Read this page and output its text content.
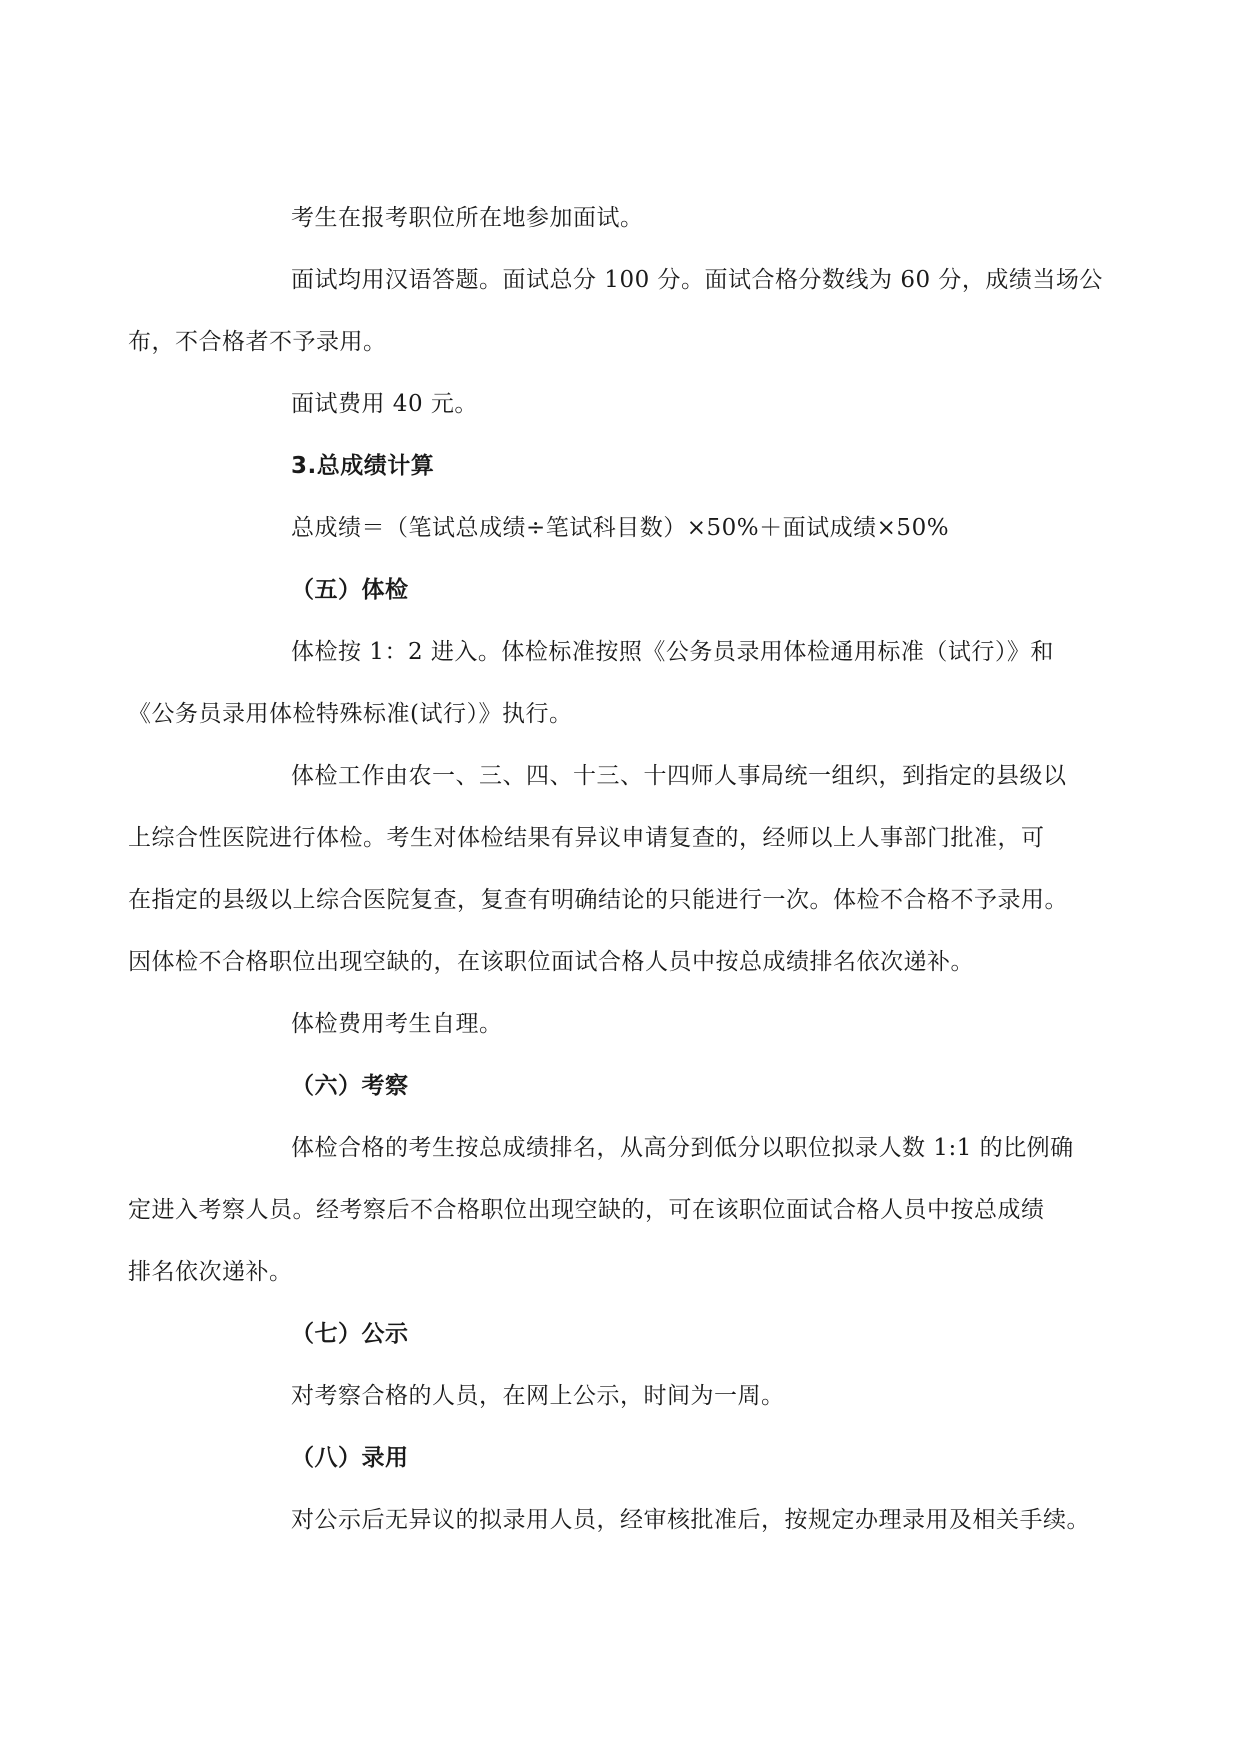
考生在报考职位所在地参加面试。
面试均用汉语答题。面试总分 100 分。面试合格分数线为 60 分，成绩当场公
布，不合格者不予录用。
面试费用 40 元。
3.总成绩计算
总成绩＝（笔试总成绩÷笔试科目数）×50%＋面试成绩×50%
（五）体检
体检按 1：2 进入。体检标准按照《公务员录用体检通用标准（试行）》和
《公务员录用体检特殊标准(试行）》执行。
体检工作由农一、三、四、十三、十四师人事局统一组织，到指定的县级以
上综合性医院进行体检。考生对体检结果有异议申请复查的，经师以上人事部门批准，可
在指定的县级以上综合医院复查，复查有明确结论的只能进行一次。体检不合格不予录用。
因体检不合格职位出现空缺的，在该职位面试合格人员中按总成绩排名依次递补。
体检费用考生自理。
（六）考察
体检合格的考生按总成绩排名，从高分到低分以职位拟录人数 1:1 的比例确
定进入考察人员。经考察后不合格职位出现空缺的，可在该职位面试合格人员中按总成绩
排名依次递补。
（七）公示
对考察合格的人员，在网上公示，时间为一周。
（八）录用
对公示后无异议的拟录用人员，经审核批准后，按规定办理录用及相关手续。
